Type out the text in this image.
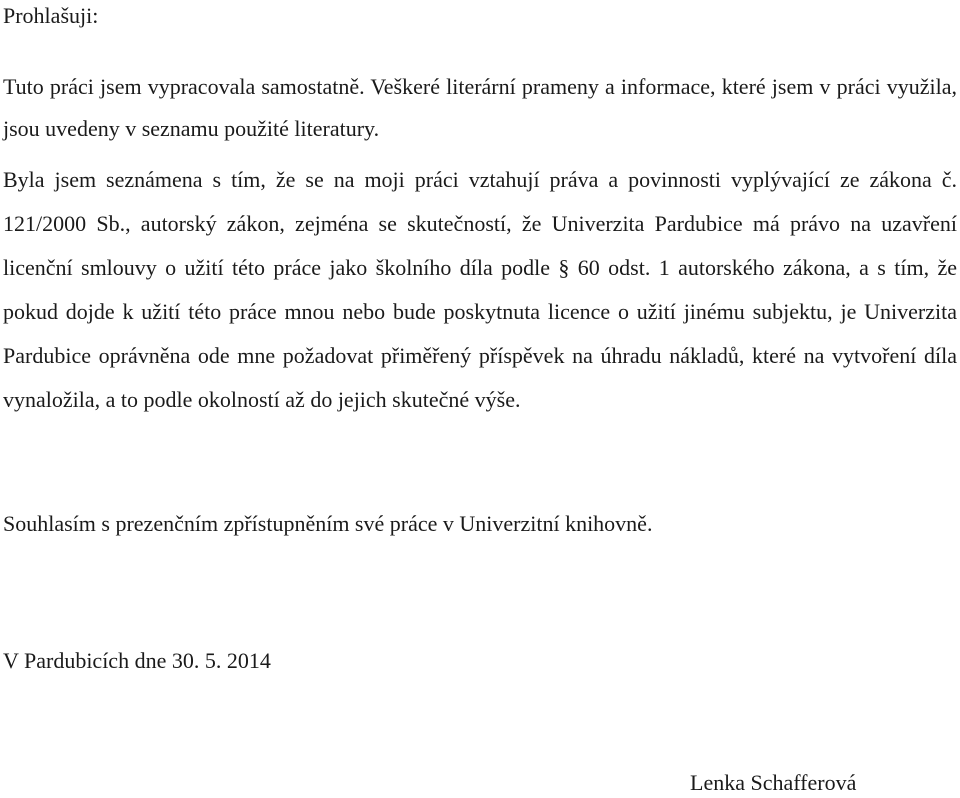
Prohlašuji:
Tuto práci jsem vypracovala samostatně. Veškeré literární prameny a informace, které jsem v práci využila, jsou uvedeny v seznamu použité literatury.
Byla jsem seznámena s tím, že se na moji práci vztahují práva a povinnosti vyplývající ze zákona č. 121/2000 Sb., autorský zákon, zejména se skutečností, že Univerzita Pardubice má právo na uzavření licenční smlouvy o užití této práce jako školního díla podle § 60 odst. 1 autorského zákona, a s tím, že pokud dojde k užití této práce mnou nebo bude poskytnuta licence o užití jinému subjektu, je Univerzita Pardubice oprávněna ode mne požadovat přiměřený příspěvek na úhradu nákladů, které na vytvoření díla vynaložila, a to podle okolností až do jejich skutečné výše.
Souhlasím s prezenčním zpřístupněním své práce v Univerzitní knihovně.
V Pardubicích dne 30. 5. 2014
Lenka Schafferová
